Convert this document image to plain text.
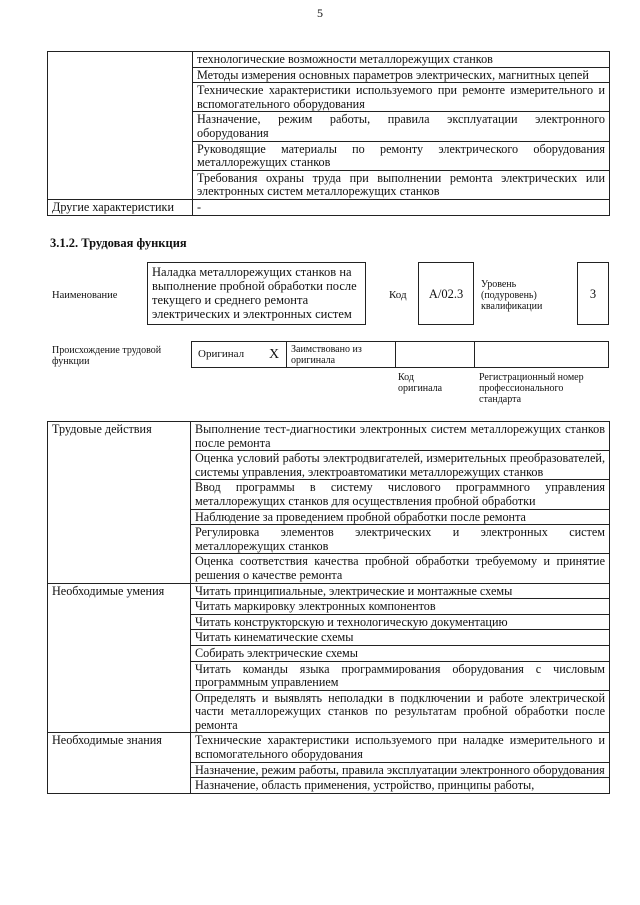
5
	технологические возможности металлорежущих станков
	Методы измерения основных параметров электрических, магнитных цепей
	Технические характеристики используемого при ремонте измерительного и вспомогательного оборудования
	Назначение, режим работы, правила эксплуатации электронного оборудования
	Руководящие материалы по ремонту электрического оборудования металлорежущих станков
	Требования охраны труда при выполнении ремонта электрических или электронных систем металлорежущих станков
Другие характеристики	-
3.1.2. Трудовая функция
Наименование
Наладка металлорежущих станков на выполнение пробной обработки после текущего и среднего ремонта электрических и электронных систем
Код A/02.3
Уровень (подуровень) квалификации
3
Происхождение трудовой функции
Оригинал X Заимствовано из оригинала
Код оригинала
Регистрационный номер профессионального стандарта
Трудовые действия	Выполнение тест-диагностики электронных систем металлорежущих станков после ремонта
	Оценка условий работы электродвигателей, измерительных преобразователей, системы управления, электроавтоматики металлорежущих станков
	Ввод программы в систему числового программного управления металлорежущих станков для осуществления пробной обработки
	Наблюдение за проведением пробной обработки после ремонта
	Регулировка элементов электрических и электронных систем металлорежущих станков
	Оценка соответствия качества пробной обработки требуемому и принятие решения о качестве ремонта
Необходимые умения	Читать принципиальные, электрические и монтажные схемы
	Читать маркировку электронных компонентов
	Читать конструкторскую и технологическую документацию
	Читать кинематические схемы
	Собирать электрические схемы
	Читать команды языка программирования оборудования с числовым программным управлением
	Определять и выявлять неполадки в подключении и работе электрической части металлорежущих станков по результатам пробной обработки после ремонта
Необходимые знания	Технические характеристики используемого при наладке измерительного и вспомогательного оборудования
	Назначение, режим работы, правила эксплуатации электронного оборудования
	Назначение, область применения, устройство, принципы работы,
